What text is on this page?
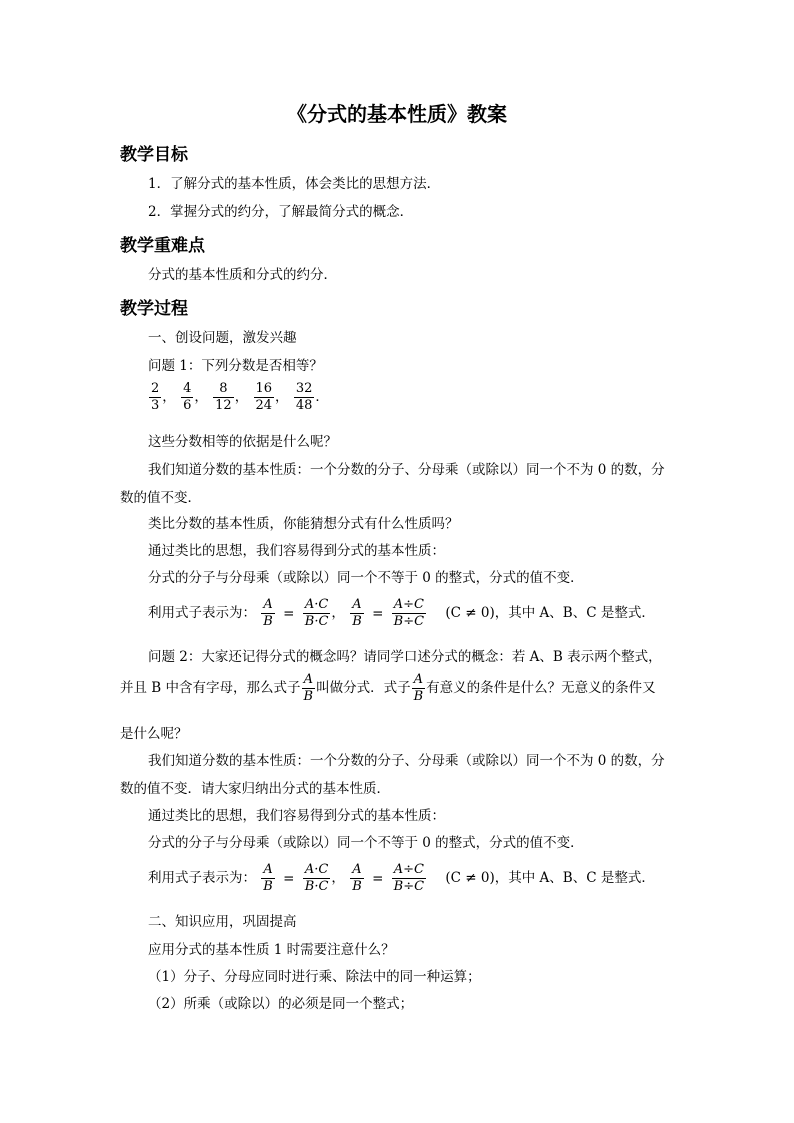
《分式的基本性质》教案
教学目标
1．了解分式的基本性质，体会类比的思想方法．
2．掌握分式的约分，了解最简分式的概念．
教学重难点
分式的基本性质和分式的约分．
教学过程
一、创设问题，激发兴趣
问题 1：下列分数是否相等？
$\frac{2}{3}$ ， $\frac{4}{6}$ ， $\frac{8}{12}$ ， $\frac{16}{24}$ ， $\frac{32}{48}$ ．
这些分数相等的依据是什么呢？
我们知道分数的基本性质：一个分数的分子、分母乘（或除以）同一个不为 0 的数，分
数的值不变．
类比分数的基本性质，你能猜想分式有什么性质吗？
通过类比的思想，我们容易得到分式的基本性质：
分式的分子与分母乘（或除以）同一个不等于 0 的整式，分式的值不变．
利用式子表示为： $\frac{A}{B} = \frac{A\cdot C}{B\cdot C}$ ， $\frac{A}{B} = \frac{A\div C}{B\div C} (C \ne 0)$，其中 A、B、C 是整式．
问题 2：大家还记得分式的概念吗？请同学口述分式的概念：若 A、B 表示两个整式，
并且 B 中含有字母，那么式子 $\frac{A}{B}$ 叫做分式．式子 $\frac{A}{B}$ 有意义的条件是什么？无意义的条件又
是什么呢？
我们知道分数的基本性质：一个分数的分子、分母乘（或除以）同一个不为 0 的数，分
数的值不变．请大家归纳出分式的基本性质．
通过类比的思想，我们容易得到分式的基本性质：
分式的分子与分母乘（或除以）同一个不等于 0 的整式，分式的值不变．
利用式子表示为： $\frac{A}{B} = \frac{A\cdot C}{B\cdot C}$ ， $\frac{A}{B} = \frac{A\div C}{B\div C} (C \ne 0)$，其中 A、B、C 是整式．
二、知识应用，巩固提高
应用分式的基本性质 1 时需要注意什么？
（1）分子、分母应同时进行乘、除法中的同一种运算；
（2）所乘（或除以）的必须是同一个整式；
